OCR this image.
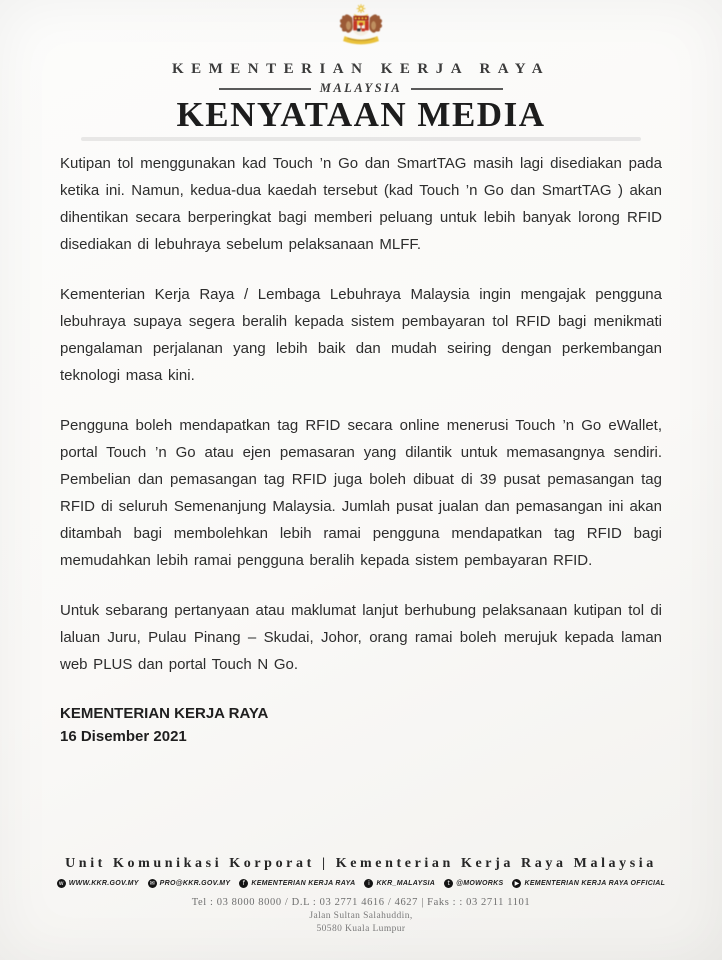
KEMENTERIAN KERJA RAYA
MALAYSIA
KENYATAAN MEDIA

Kutipan tol menggunakan kad Touch ’n Go dan SmartTAG masih lagi disediakan pada ketika ini. Namun, kedua-dua kaedah tersebut (kad Touch ’n Go dan SmartTAG ) akan dihentikan secara berperingkat bagi memberi peluang untuk lebih banyak lorong RFID disediakan di lebuhraya sebelum pelaksanaan MLFF.

Kementerian Kerja Raya / Lembaga Lebuhraya Malaysia ingin mengajak pengguna lebuhraya supaya segera beralih kepada sistem pembayaran tol RFID bagi menikmati pengalaman perjalanan yang lebih baik dan mudah seiring dengan perkembangan teknologi masa kini.

Pengguna boleh mendapatkan tag RFID secara online menerusi Touch ’n Go eWallet, portal Touch ’n Go atau ejen pemasaran yang dilantik untuk memasangnya sendiri. Pembelian dan pemasangan tag RFID juga boleh dibuat di 39 pusat pemasangan tag RFID di seluruh Semenanjung Malaysia. Jumlah pusat jualan dan pemasangan ini akan ditambah bagi membolehkan lebih ramai pengguna mendapatkan tag RFID bagi memudahkan lebih ramai pengguna beralih kepada sistem pembayaran RFID.

Untuk sebarang pertanyaan atau maklumat lanjut berhubung pelaksanaan kutipan tol di laluan Juru, Pulau Pinang – Skudai, Johor, orang ramai boleh merujuk kepada laman web PLUS dan portal Touch N Go.

KEMENTERIAN KERJA RAYA
16 Disember 2021
Unit Komunikasi Korporat | Kementerian Kerja Raya Malaysia
w WWW.KKR.GOV.MY	✉ PRO@KKR.GOV.MY	f KEMENTERIAN KERJA RAYA	i KKR_MALAYSIA	t @MOWORKS	▶ KEMENTERIAN KERJA RAYA OFFICIAL
Tel : 03 8000 8000 / D.L : 03 2771 4616 / 4627 | Faks : : 03 2711 1101
Jalan Sultan Salahuddin,
50580 Kuala Lumpur
